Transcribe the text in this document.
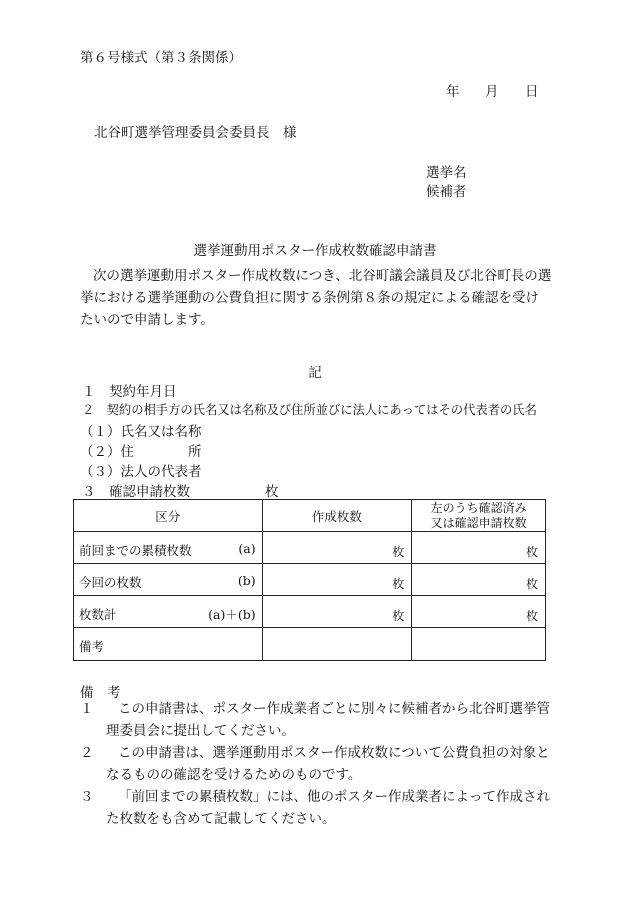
第６号様式（第３条関係）
年 月 日
北谷町選挙管理委員会委員長　様
選挙名
候補者
選挙運動用ポスター作成枚数確認申請書
次の選挙運動用ポスター作成枚数につき、北谷町議会議員及び北谷町長の選挙における選挙運動の公費負担に関する条例第８条の規定による確認を受けたいので申請します。
記
１　契約年月日
２　契約の相手方の氏名又は名称及び住所並びに法人にあってはその代表者の氏名
（１）氏名又は名称
（２）住　　　　所
（３）法人の代表者
３　確認申請枚数	枚
区分	作成枚数	左のうち確認済み
又は確認申請枚数

前回までの累積枚数 (a)	枚	枚

今回の枚数 (b)	枚	枚

枚数計 (a)＋(b)	枚	枚

備考		

備　考
１	この申請書は、ポスター作成業者ごとに別々に候補者から北谷町選挙管理委員会に提出してください。
２	この申請書は、選挙運動用ポスター作成枚数について公費負担の対象となるものの確認を受けるためのものです。
３	「前回までの累積枚数」には、他のポスター作成業者によって作成された枚数をも含めて記載してください。
